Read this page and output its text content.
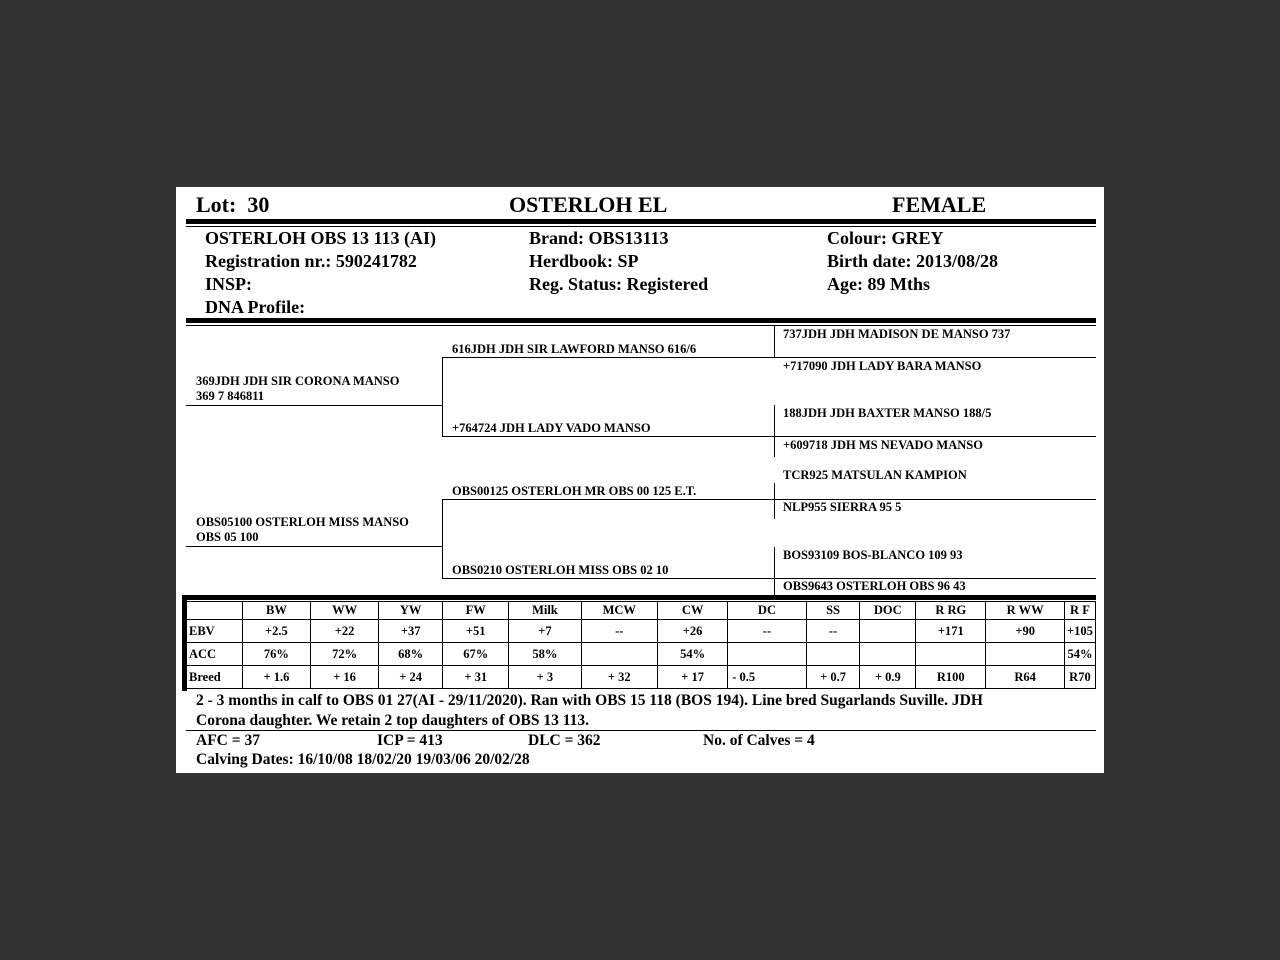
Lot: 30	OSTERLOH EL	FEMALE
OSTERLOH OBS 13 113 (AI)
Registration nr.: 590241782
INSP:
DNA Profile:
Brand: OBS13113
Herdbook: SP
Reg. Status: Registered
Colour: GREY
Birth date: 2013/08/28
Age: 89 Mths
369JDH JDH SIR CORONA MANSO
369 7 846811
OBS05100 OSTERLOH MISS MANSO
OBS 05 100
616JDH JDH SIR LAWFORD MANSO 616/6
+764724 JDH LADY VADO MANSO
OBS00125 OSTERLOH MR OBS 00 125 E.T.
OBS0210 OSTERLOH MISS OBS 02 10
737JDH JDH MADISON DE MANSO 737
+717090 JDH LADY BARA MANSO
188JDH JDH BAXTER MANSO 188/5
+609718 JDH MS NEVADO MANSO
TCR925 MATSULAN KAMPION
NLP955 SIERRA 95 5
BOS93109 BOS-BLANCO 109 93
OBS9643 OSTERLOH OBS 96 43
	BW	WW	YW	FW	Milk	MCW	CW	DC	SS	DOC	R RG	R WW	R F
EBV	+2.5	+22	+37	+51	+7	--	+26	--	--		+171	+90	+105
ACC	76%	72%	68%	67%	58%		54%						54%
Breed	+ 1.6	+ 16	+ 24	+ 31	+ 3	+ 32	+ 17	- 0.5	+ 0.7	+ 0.9	R100	R64	R70
2 - 3 months in calf to OBS 01 27(AI - 29/11/2020). Ran with OBS 15 118 (BOS 194). Line bred Sugarlands Suville. JDH
Corona daughter. We retain 2 top daughters of OBS 13 113.
AFC = 37	ICP = 413	DLC = 362	No. of Calves = 4
Calving Dates: 16/10/08 18/02/20 19/03/06 20/02/28
